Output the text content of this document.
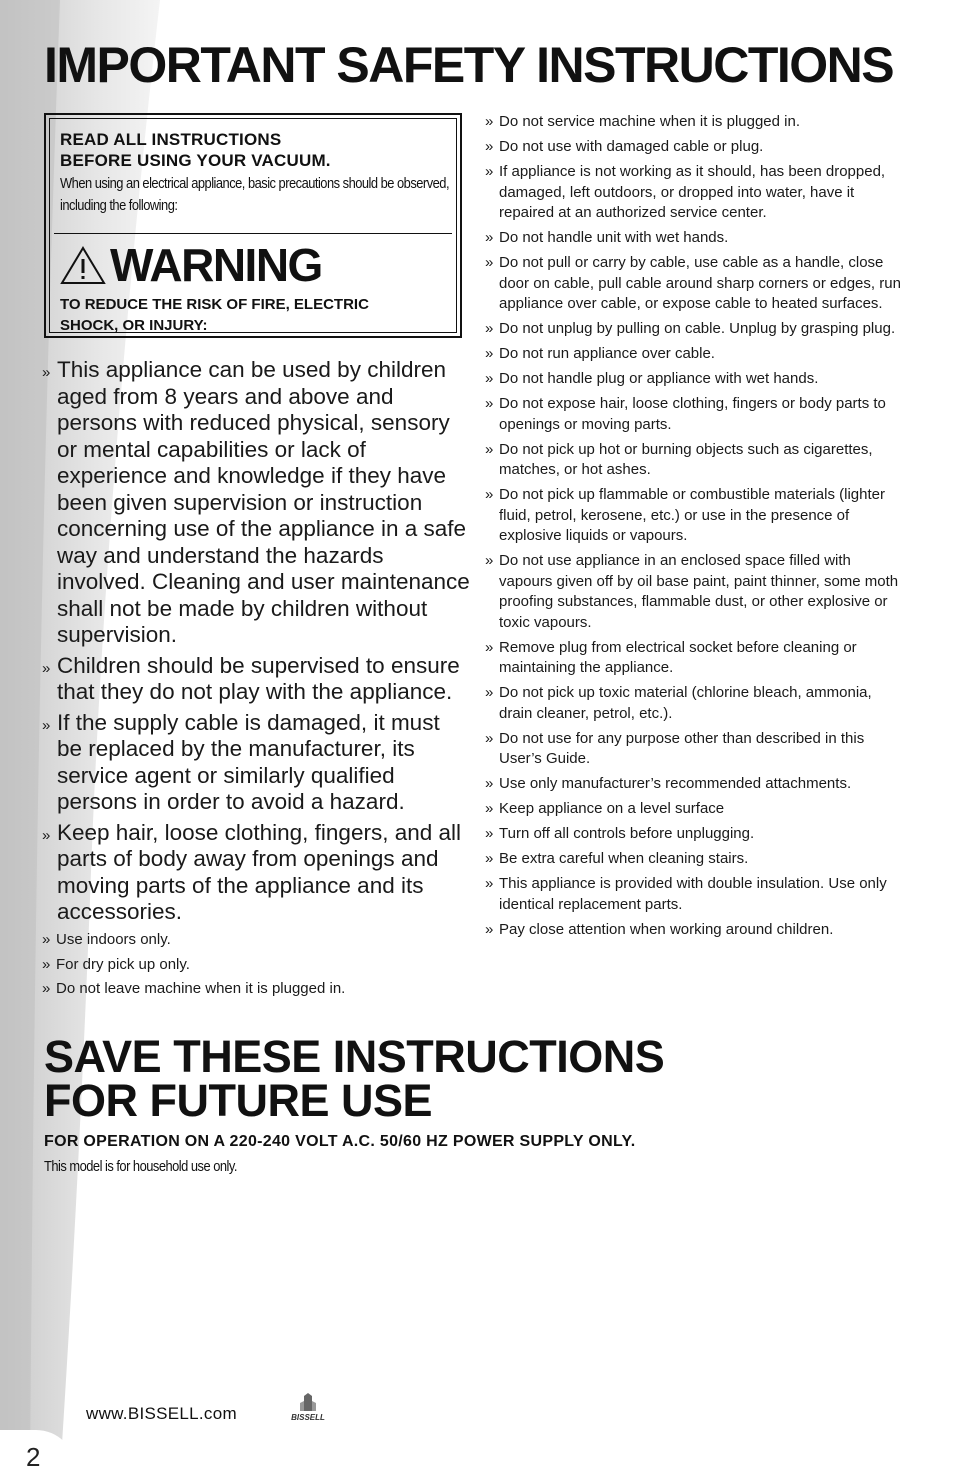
IMPORTANT SAFETY INSTRUCTIONS

READ ALL INSTRUCTIONS
BEFORE USING YOUR VACUUM.

When using an electrical appliance, basic precautions should be observed, including the following:

WARNING

TO REDUCE THE RISK OF FIRE, ELECTRIC
SHOCK, OR INJURY:

» This appliance can be used by children aged from 8 years and above and persons with reduced physical, sensory or mental capabilities or lack of experience and knowledge if they have been given supervision or instruction concerning use of the appliance in a safe way and understand the hazards involved. Cleaning and user maintenance shall not be made by children without supervision.
» Children should be supervised to ensure that they do not play with the appliance.
» If the supply cable is damaged, it must be replaced by the manufacturer, its service agent or similarly qualified persons in order to avoid a hazard.
» Keep hair, loose clothing, fingers, and all parts of body away from openings and moving parts of the appliance and its accessories.
» Use indoors only.
» For dry pick up only.
» Do not leave machine when it is plugged in.
» Do not service machine when it is plugged in.
» Do not use with damaged cable or plug.
» If appliance is not working as it should, has been dropped, damaged, left outdoors, or dropped into water, have it repaired at an authorized service center.
» Do not handle unit with wet hands.
» Do not pull or carry by cable, use cable as a handle, close door on cable, pull cable around sharp corners or edges, run appliance over cable, or expose cable to heated surfaces.
» Do not unplug by pulling on cable. Unplug by grasping plug.
» Do not run appliance over cable.
» Do not handle plug or appliance with wet hands.
» Do not expose hair, loose clothing, fingers or body parts to openings or moving parts.
» Do not pick up hot or burning objects such as cigarettes, matches, or hot ashes.
» Do not pick up flammable or combustible materials (lighter fluid, petrol, kerosene, etc.) or use in the presence of explosive liquids or vapours.
» Do not use appliance in an enclosed space filled with vapours given off by oil base paint, paint thinner, some moth proofing substances, flammable dust, or other explosive or toxic vapours.
» Remove plug from electrical socket before cleaning or maintaining the appliance.
» Do not pick up toxic material (chlorine bleach, ammonia, drain cleaner, petrol, etc.).
» Do not use for any purpose other than described in this User’s Guide.
» Use only manufacturer’s recommended attachments.
» Keep appliance on a level surface
» Turn off all controls before unplugging.
» Be extra careful when cleaning stairs.
» This appliance is provided with double insulation. Use only identical replacement parts.
» Pay close attention when working around children.
SAVE THESE INSTRUCTIONS
FOR FUTURE USE

FOR OPERATION ON A 220-240 VOLT A.C. 50/60 HZ POWER SUPPLY ONLY.

This model is for household use only.

2
www.BISSELL.com	BISSELL
